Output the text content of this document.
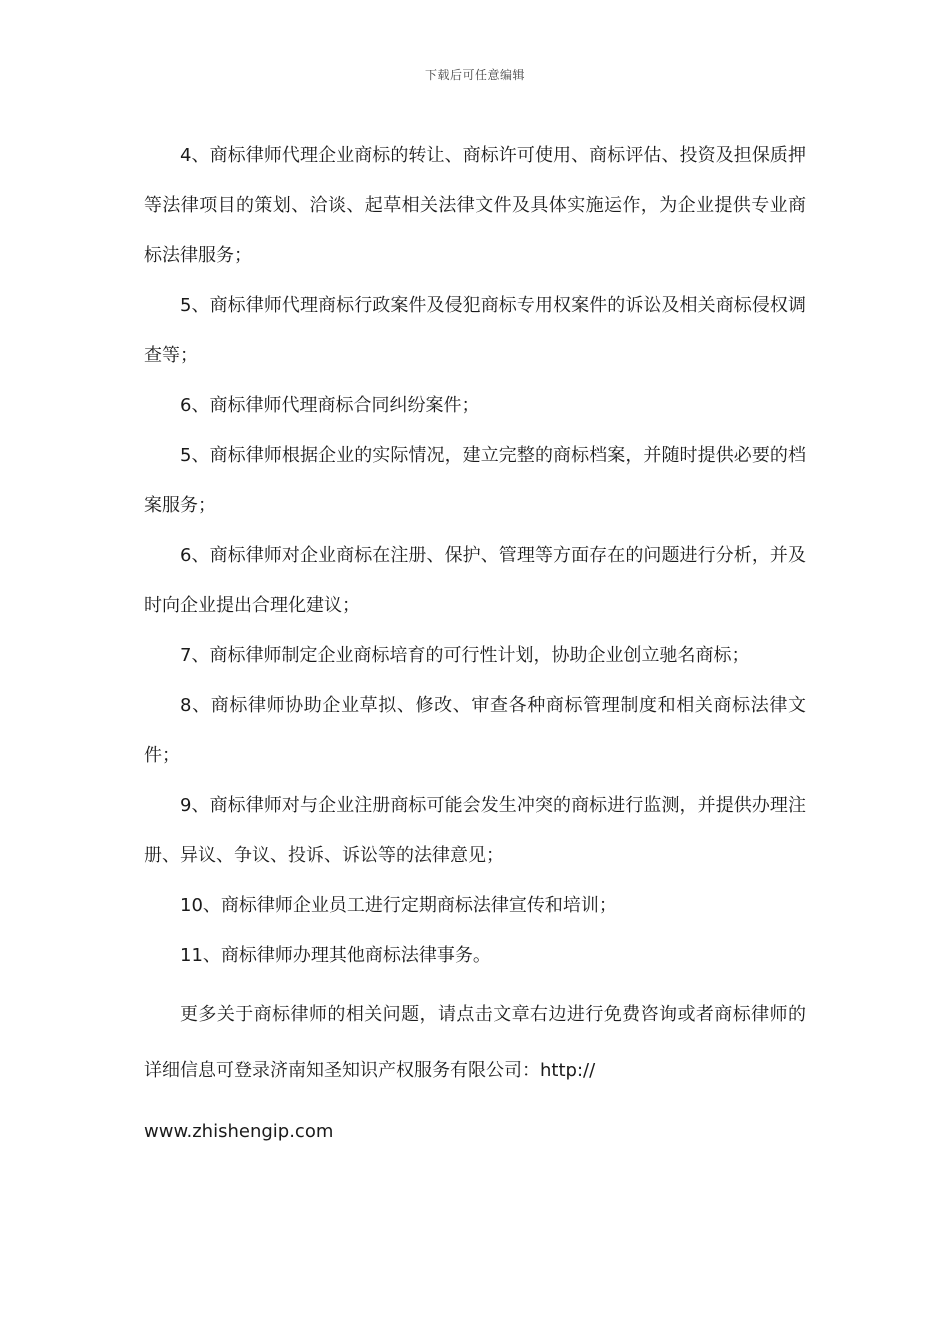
下载后可任意编辑

4、商标律师代理企业商标的转让、商标许可使用、商标评估、投资及担保质押等法律项目的策划、洽谈、起草相关法律文件及具体实施运作，为企业提供专业商标法律服务；

5、商标律师代理商标行政案件及侵犯商标专用权案件的诉讼及相关商标侵权调查等；

6、商标律师代理商标合同纠纷案件；

5、商标律师根据企业的实际情况，建立完整的商标档案，并随时提供必要的档案服务；

6、商标律师对企业商标在注册、保护、管理等方面存在的问题进行分析，并及时向企业提出合理化建议；

7、商标律师制定企业商标培育的可行性计划，协助企业创立驰名商标；

8、商标律师协助企业草拟、修改、审查各种商标管理制度和相关商标法律文件；

9、商标律师对与企业注册商标可能会发生冲突的商标进行监测，并提供办理注册、异议、争议、投诉、诉讼等的法律意见；

10、商标律师企业员工进行定期商标法律宣传和培训；

11、商标律师办理其他商标法律事务。

更多关于商标律师的相关问题，请点击文章右边进行免费咨询或者商标律师的详细信息可登录济南知圣知识产权服务有限公司：http://

www.zhishengip.com
